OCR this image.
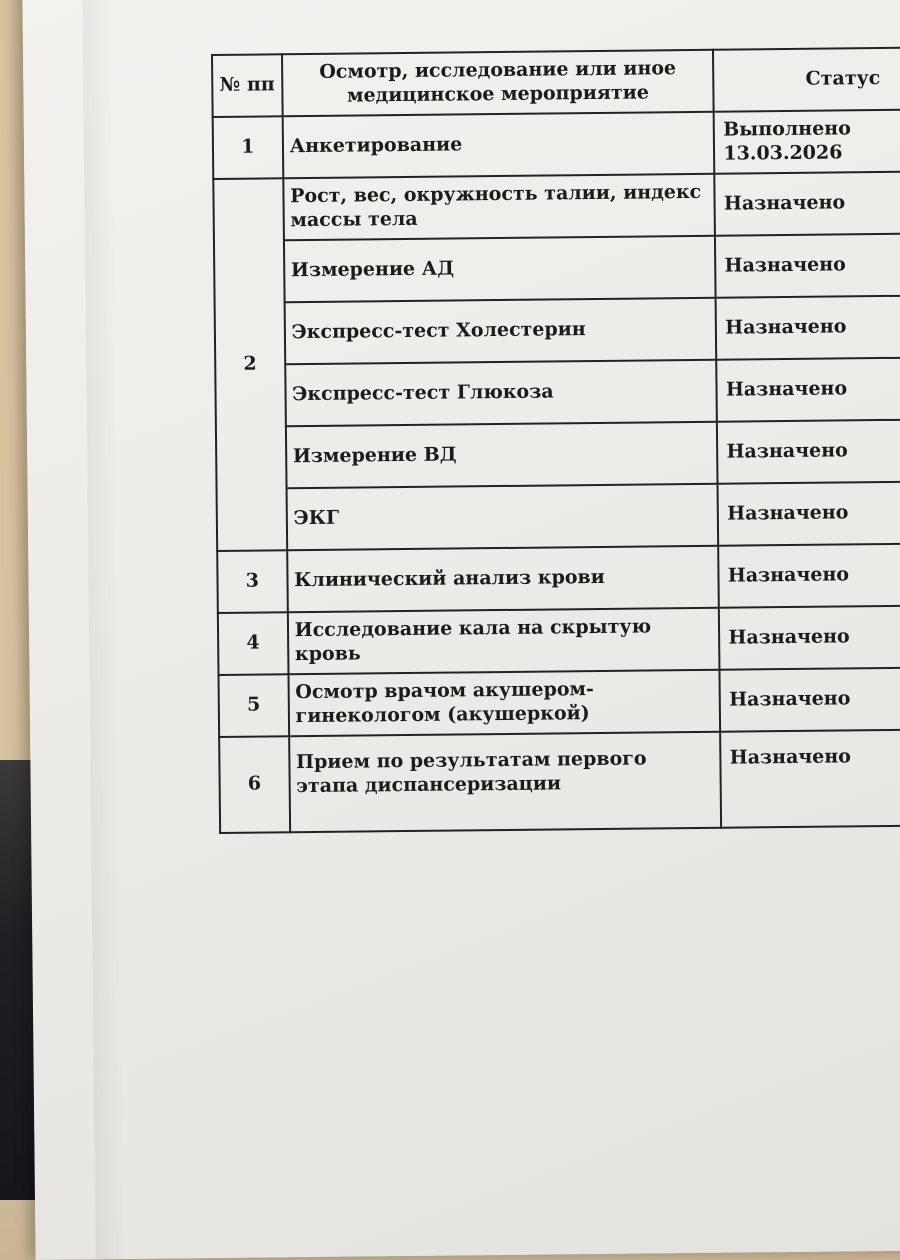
№ пп	Осмотр, исследование или иное медицинское мероприятие	Статус
1	Анкетирование	Выполнено
13.03.2026

2	Рост, вес, окружность талии, индекс массы тела	Назначено
	Измерение АД	Назначено
	Экспресс-тест Холестерин	Назначено
	Экспресс-тест Глюкоза	Назначено
	Измерение ВД	Назначено
	ЭКГ	Назначено
3	Клинический анализ крови	Назначено
4	Исследование кала на скрытую кровь	Назначено
5	Осмотр врачом акушером-гинекологом (акушеркой)	Назначено
6	Прием по результатам первого этапа диспансеризации	Назначено
